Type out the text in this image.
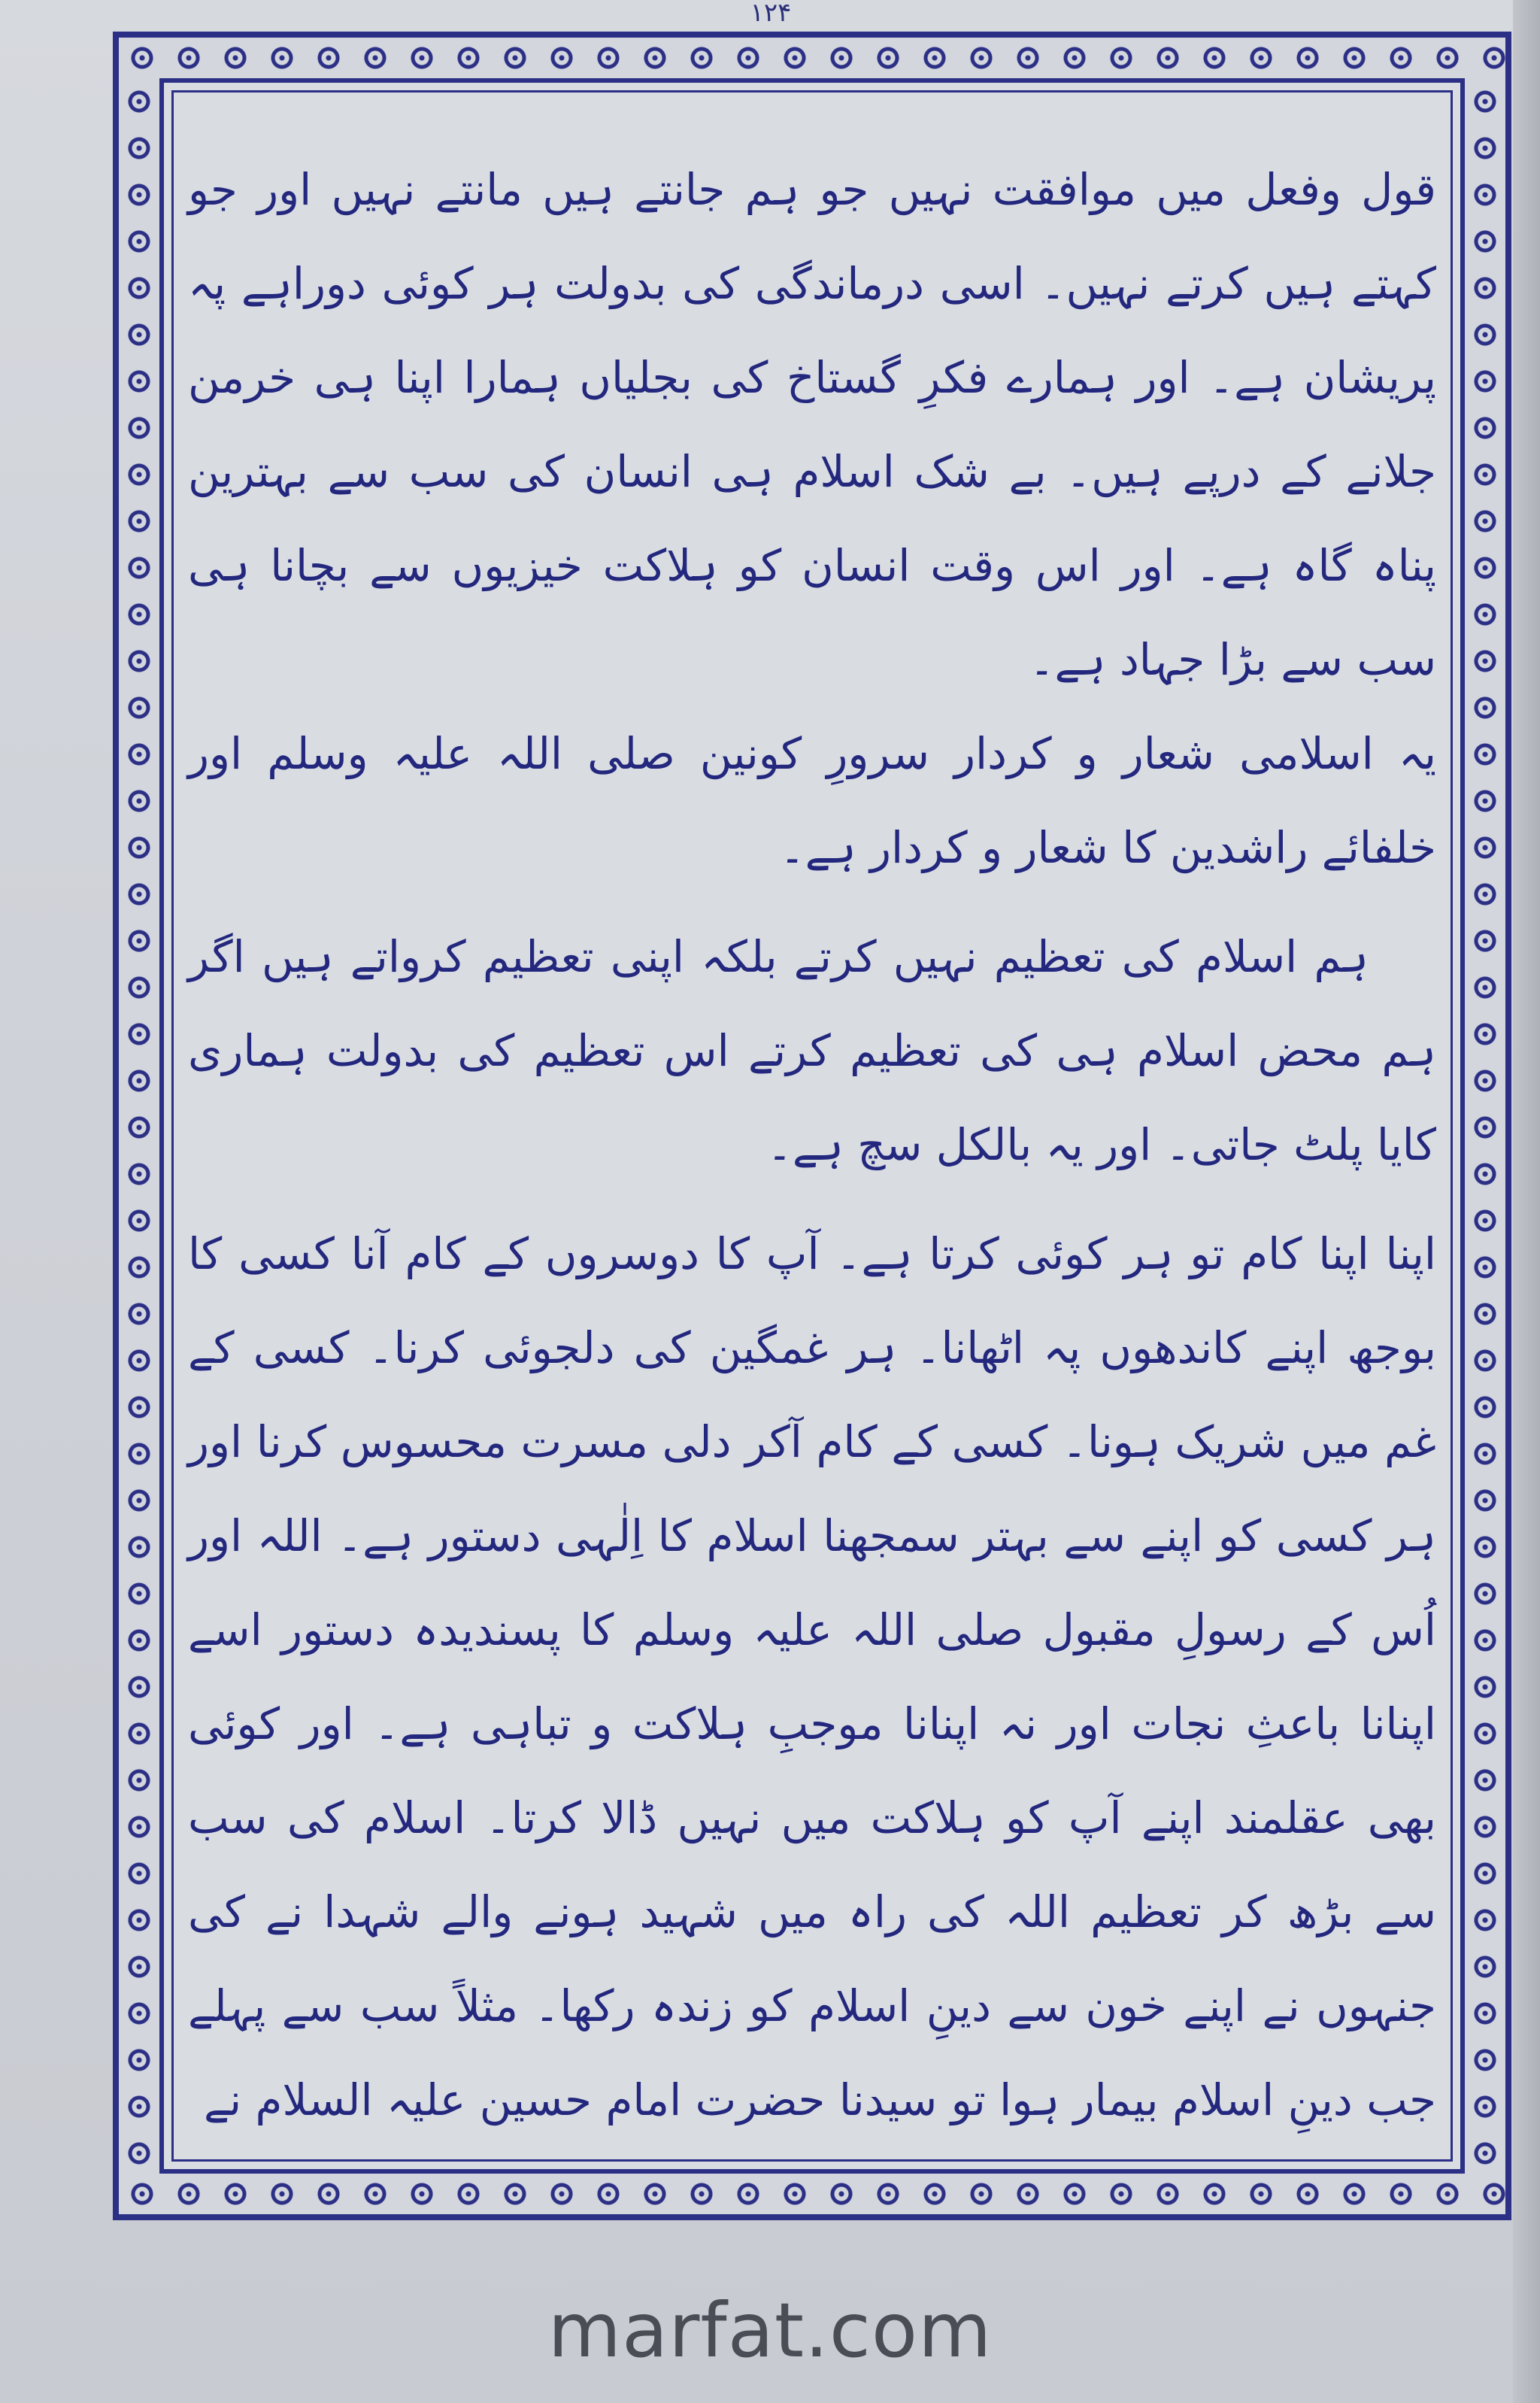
۱۲۴

قول وفعل میں موافقت نہیں جو ہم جانتے ہیں مانتے نہیں اور جو کہتے ہیں کرتے نہیں۔ اسی درماندگی کی بدولت ہر کوئی دوراہے پہ پریشان ہے۔ اور ہمارے فکرِ گستاخ کی بجلیاں ہمارا اپنا ہی خرمن جلانے کے درپے ہیں۔ بے شک اسلام ہی انسان کی سب سے بہترین پناہ گاہ ہے۔ اور اس وقت انسان کو ہلاکت خیزیوں سے بچانا ہی سب سے بڑا جہاد ہے۔

یہ اسلامی شعار و کردار سرورِ کونین صلی اللہ علیہ وسلم اور خلفائے راشدین کا شعار و کردار ہے۔

ہم اسلام کی تعظیم نہیں کرتے بلکہ اپنی تعظیم کرواتے ہیں اگر ہم محض اسلام ہی کی تعظیم کرتے اس تعظیم کی بدولت ہماری کایا پلٹ جاتی۔ اور یہ بالکل سچ ہے۔

اپنا اپنا کام تو ہر کوئی کرتا ہے۔ آپ کا دوسروں کے کام آنا کسی کا بوجھ اپنے کاندھوں پہ اٹھانا۔ ہر غمگین کی دلجوئی کرنا۔ کسی کے غم میں شریک ہونا۔ کسی کے کام آکر دلی مسرت محسوس کرنا اور ہر کسی کو اپنے سے بہتر سمجھنا اسلام کا اِلٰہی دستور ہے۔ اللہ اور اُس کے رسولِ مقبول صلی اللہ علیہ وسلم کا پسندیدہ دستور اسے اپنانا باعثِ نجات اور نہ اپنانا موجبِ ہلاکت و تباہی ہے۔ اور کوئی بھی عقلمند اپنے آپ کو ہلاکت میں نہیں ڈالا کرتا۔ اسلام کی سب سے بڑھ کر تعظیم اللہ کی راہ میں شہید ہونے والے شہدا نے کی جنہوں نے اپنے خون سے دینِ اسلام کو زندہ رکھا۔ مثلاً سب سے پہلے جب دینِ اسلام بیمار ہوا تو سیدنا حضرت امام حسین علیہ السلام نے

marfat.com
